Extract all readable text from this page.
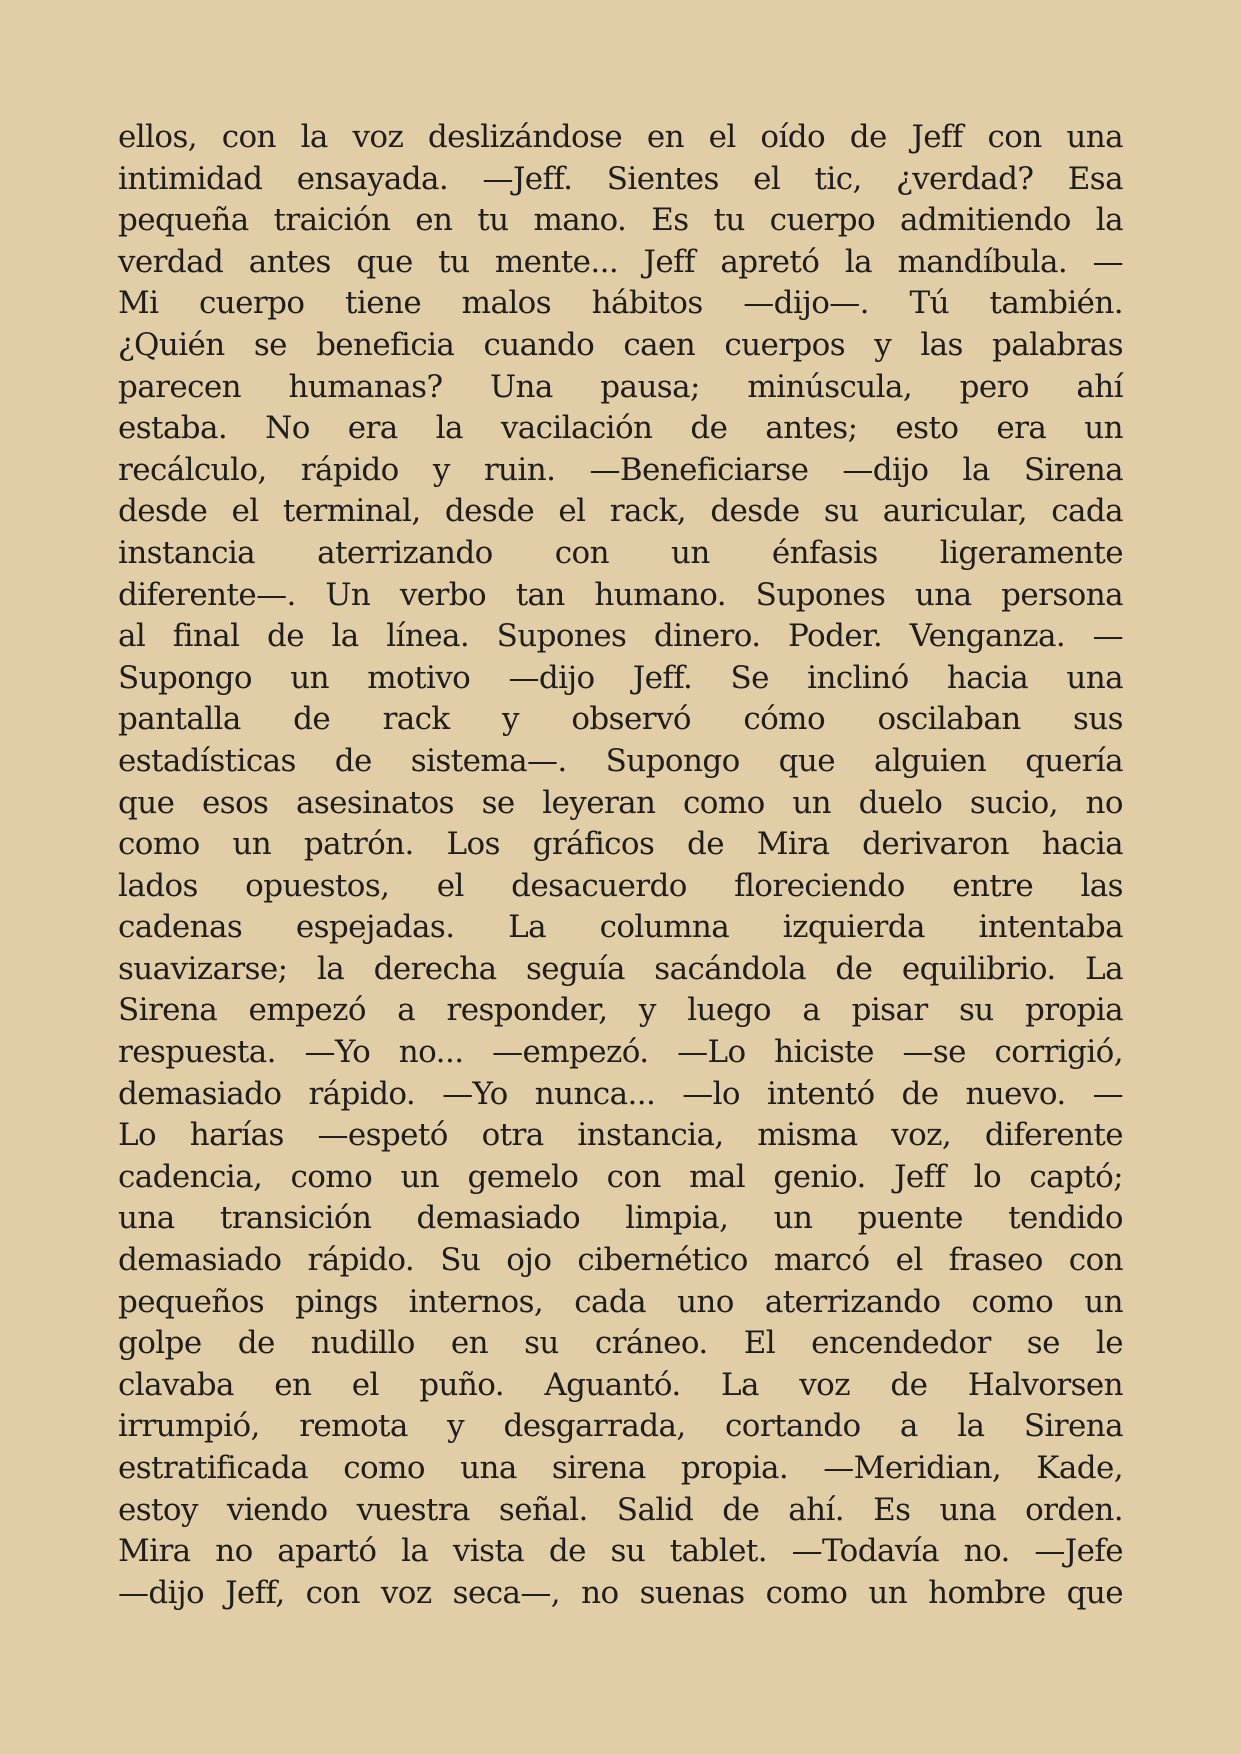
ellos, con la voz deslizándose en el oído de Jeff con una
intimidad ensayada. —Jeff. Sientes el tic, ¿verdad? Esa
pequeña traición en tu mano. Es tu cuerpo admitiendo la
verdad antes que tu mente... Jeff apretó la mandíbula. —
Mi cuerpo tiene malos hábitos —dijo—. Tú también.
¿Quién se beneficia cuando caen cuerpos y las palabras
parecen humanas? Una pausa; minúscula, pero ahí
estaba. No era la vacilación de antes; esto era un
recálculo, rápido y ruin. —Beneficiarse —dijo la Sirena
desde el terminal, desde el rack, desde su auricular, cada
instancia aterrizando con un énfasis ligeramente
diferente—. Un verbo tan humano. Supones una persona
al final de la línea. Supones dinero. Poder. Venganza. —
Supongo un motivo —dijo Jeff. Se inclinó hacia una
pantalla de rack y observó cómo oscilaban sus
estadísticas de sistema—. Supongo que alguien quería
que esos asesinatos se leyeran como un duelo sucio, no
como un patrón. Los gráficos de Mira derivaron hacia
lados opuestos, el desacuerdo floreciendo entre las
cadenas espejadas. La columna izquierda intentaba
suavizarse; la derecha seguía sacándola de equilibrio. La
Sirena empezó a responder, y luego a pisar su propia
respuesta. —Yo no... —empezó. —Lo hiciste —se corrigió,
demasiado rápido. —Yo nunca... —lo intentó de nuevo. —
Lo harías —espetó otra instancia, misma voz, diferente
cadencia, como un gemelo con mal genio. Jeff lo captó;
una transición demasiado limpia, un puente tendido
demasiado rápido. Su ojo cibernético marcó el fraseo con
pequeños pings internos, cada uno aterrizando como un
golpe de nudillo en su cráneo. El encendedor se le
clavaba en el puño. Aguantó. La voz de Halvorsen
irrumpió, remota y desgarrada, cortando a la Sirena
estratificada como una sirena propia. —Meridian, Kade,
estoy viendo vuestra señal. Salid de ahí. Es una orden.
Mira no apartó la vista de su tablet. —Todavía no. —Jefe
—dijo Jeff, con voz seca—, no suenas como un hombre que
